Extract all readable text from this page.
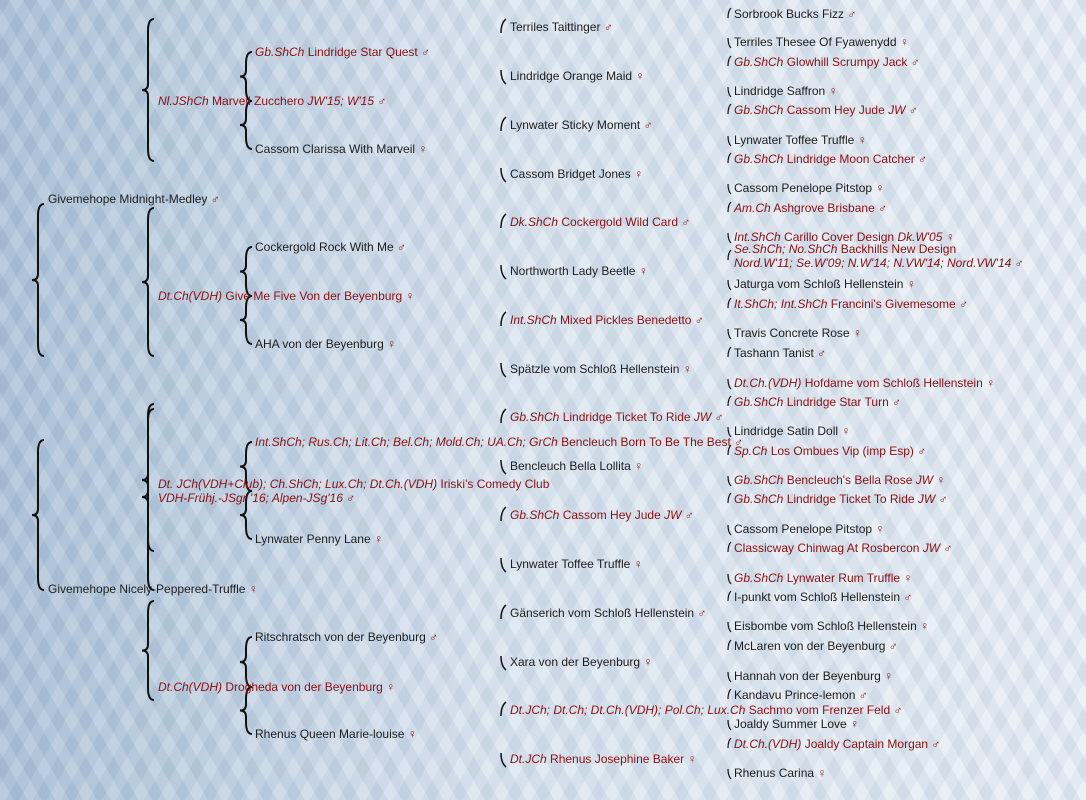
Givemehope Midnight-Medley ♂
Givemehope Nicely-Peppered-Truffle ♀
Nl.JShCh Marveil Zucchero JW'15; W'15 ♂
Dt.Ch(VDH) Give Me Five Von der Beyenburg ♀
Dt. JCh(VDH+Club); Ch.ShCh; Lux.Ch; Dt.Ch.(VDH) Iriski's Comedy Club
VDH-Frühj.-JSgr '16; Alpen-JSg'16 ♂
Dt.Ch(VDH) Drogheda von der Beyenburg ♀
Gb.ShCh Lindridge Star Quest ♂
Cassom Clarissa With Marveil ♀
Cockergold Rock With Me ♂
AHA von der Beyenburg ♀
Int.ShCh; Rus.Ch; Lit.Ch; Bel.Ch; Mold.Ch; UA.Ch; GrCh Bencleuch Born To Be The Best ♂
Lynwater Penny Lane ♀
Ritschratsch von der Beyenburg ♂
Rhenus Queen Marie-louise ♀
Terriles Taittinger ♂
Lindridge Orange Maid ♀
Lynwater Sticky Moment ♂
Cassom Bridget Jones ♀
Dk.ShCh Cockergold Wild Card ♂
Northworth Lady Beetle ♀
Int.ShCh Mixed Pickles Benedetto ♂
Spätzle vom Schloß Hellenstein ♀
Gb.ShCh Lindridge Ticket To Ride JW ♂
Bencleuch Bella Lollita ♀
Gb.ShCh Cassom Hey Jude JW ♂
Lynwater Toffee Truffle ♀
Gänserich vom Schloß Hellenstein ♂
Xara von der Beyenburg ♀
Dt.JCh; Dt.Ch; Dt.Ch.(VDH); Pol.Ch; Lux.Ch Sachmo vom Frenzer Feld ♂
Dt.JCh Rhenus Josephine Baker ♀
Sorbrook Bucks Fizz ♂
Terriles Thesee Of Fyawenydd ♀
Gb.ShCh Glowhill Scrumpy Jack ♂
Lindridge Saffron ♀
Gb.ShCh Cassom Hey Jude JW ♂
Lynwater Toffee Truffle ♀
Gb.ShCh Lindridge Moon Catcher ♂
Cassom Penelope Pitstop ♀
Am.Ch Ashgrove Brisbane ♂
Int.ShCh Carillo Cover Design Dk.W'05 ♀
Se.ShCh; No.ShCh Backhills New Design
Nord.W'11; Se.W'09; N.W'14; N.VW'14; Nord.VW'14 ♂
Jaturga vom Schloß Hellenstein ♀
It.ShCh; Int.ShCh Francini's Givemesome ♂
Travis Concrete Rose ♀
Tashann Tanist ♂
Dt.Ch.(VDH) Hofdame vom Schloß Hellenstein ♀
Gb.ShCh Lindridge Star Turn ♂
Lindridge Satin Doll ♀
Sp.Ch Los Ombues Vip (imp Esp) ♂
Gb.ShCh Bencleuch's Bella Rose JW ♀
Gb.ShCh Lindridge Ticket To Ride JW ♂
Cassom Penelope Pitstop ♀
Classicway Chinwag At Rosbercon JW ♂
Gb.ShCh Lynwater Rum Truffle ♀
I-punkt vom Schloß Hellenstein ♂
Eisbombe vom Schloß Hellenstein ♀
McLaren von der Beyenburg ♂
Hannah von der Beyenburg ♀
Kandavu Prince-lemon ♂
Joaldy Summer Love ♀
Dt.Ch.(VDH) Joaldy Captain Morgan ♂
Rhenus Carina ♀
